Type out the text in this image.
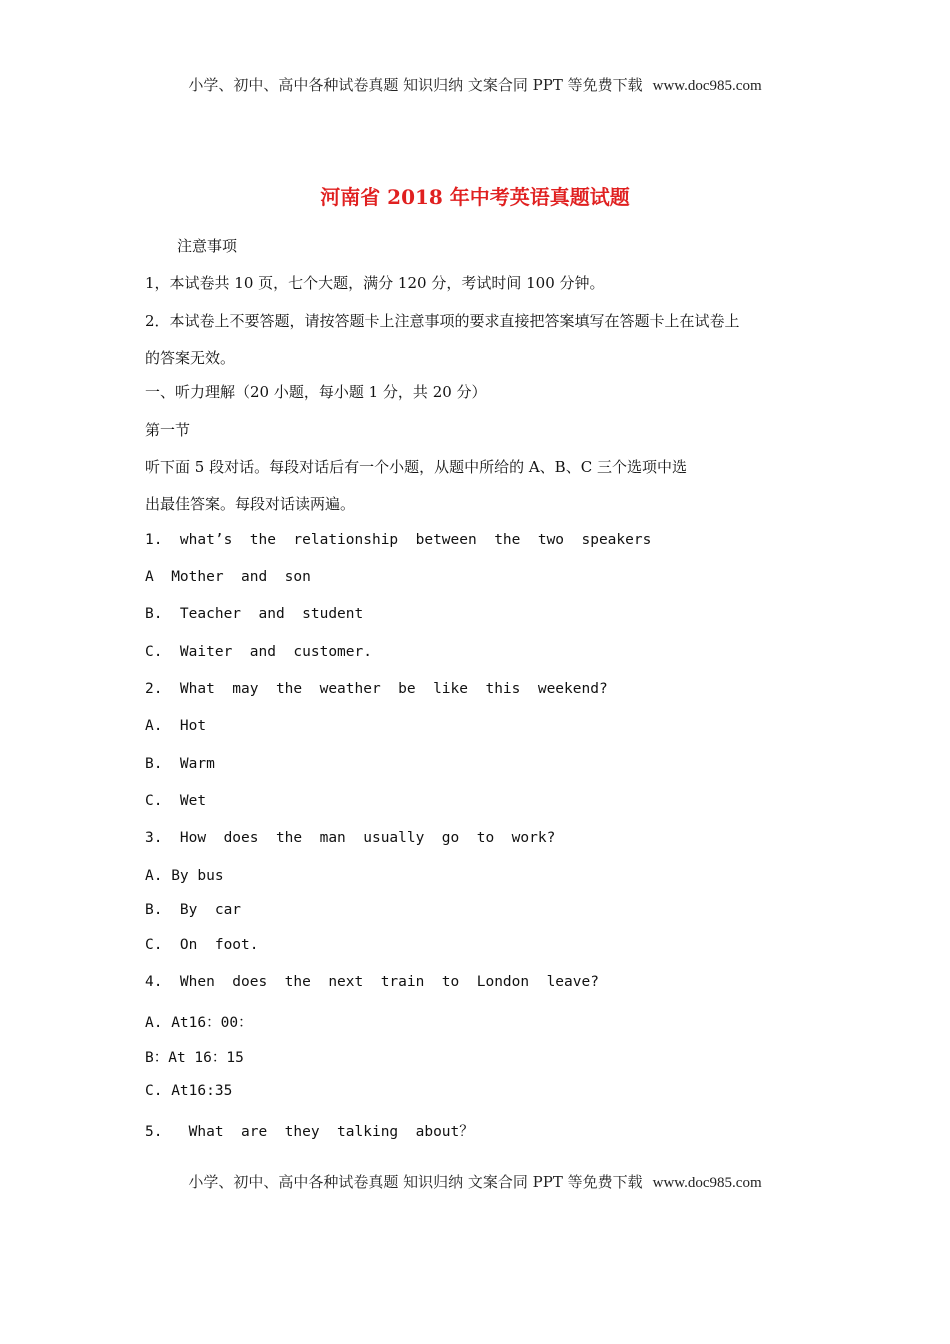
小学、初中、高中各种试卷真题 知识归纳 文案合同 PPT 等免费下载 www.doc985.com
河南省 2018 年中考英语真题试题
注意事项
1，本试卷共 10 页，七个大题，满分 120 分，考试时间 100 分钟。
2．本试卷上不要答题，请按答题卡上注意事项的要求直接把答案填写在答题卡上在试卷上
的答案无效。
一、听力理解（20 小题，每小题 1 分，共 20 分）
第一节
听下面 5 段对话。每段对话后有一个小题，从题中所给的 A、B、C 三个选项中选
出最佳答案。每段对话读两遍。
1.  what’s  the  relationship  between  the  two  speakers
A  Mother  and  son
B.  Teacher  and  student
C.  Waiter  and  customer.
2.  What  may  the  weather  be  like  this  weekend?
A.  Hot
B.  Warm
C.  Wet
3.  How  does  the  man  usually  go  to  work?
A. By bus
B.  By  car
C.  On  foot.
4.  When  does  the  next  train  to  London  leave?
A. At16：00：
B：At 16：15
C. At16:35
5.   What  are  they  talking  about？
小学、初中、高中各种试卷真题 知识归纳 文案合同 PPT 等免费下载 www.doc985.com
